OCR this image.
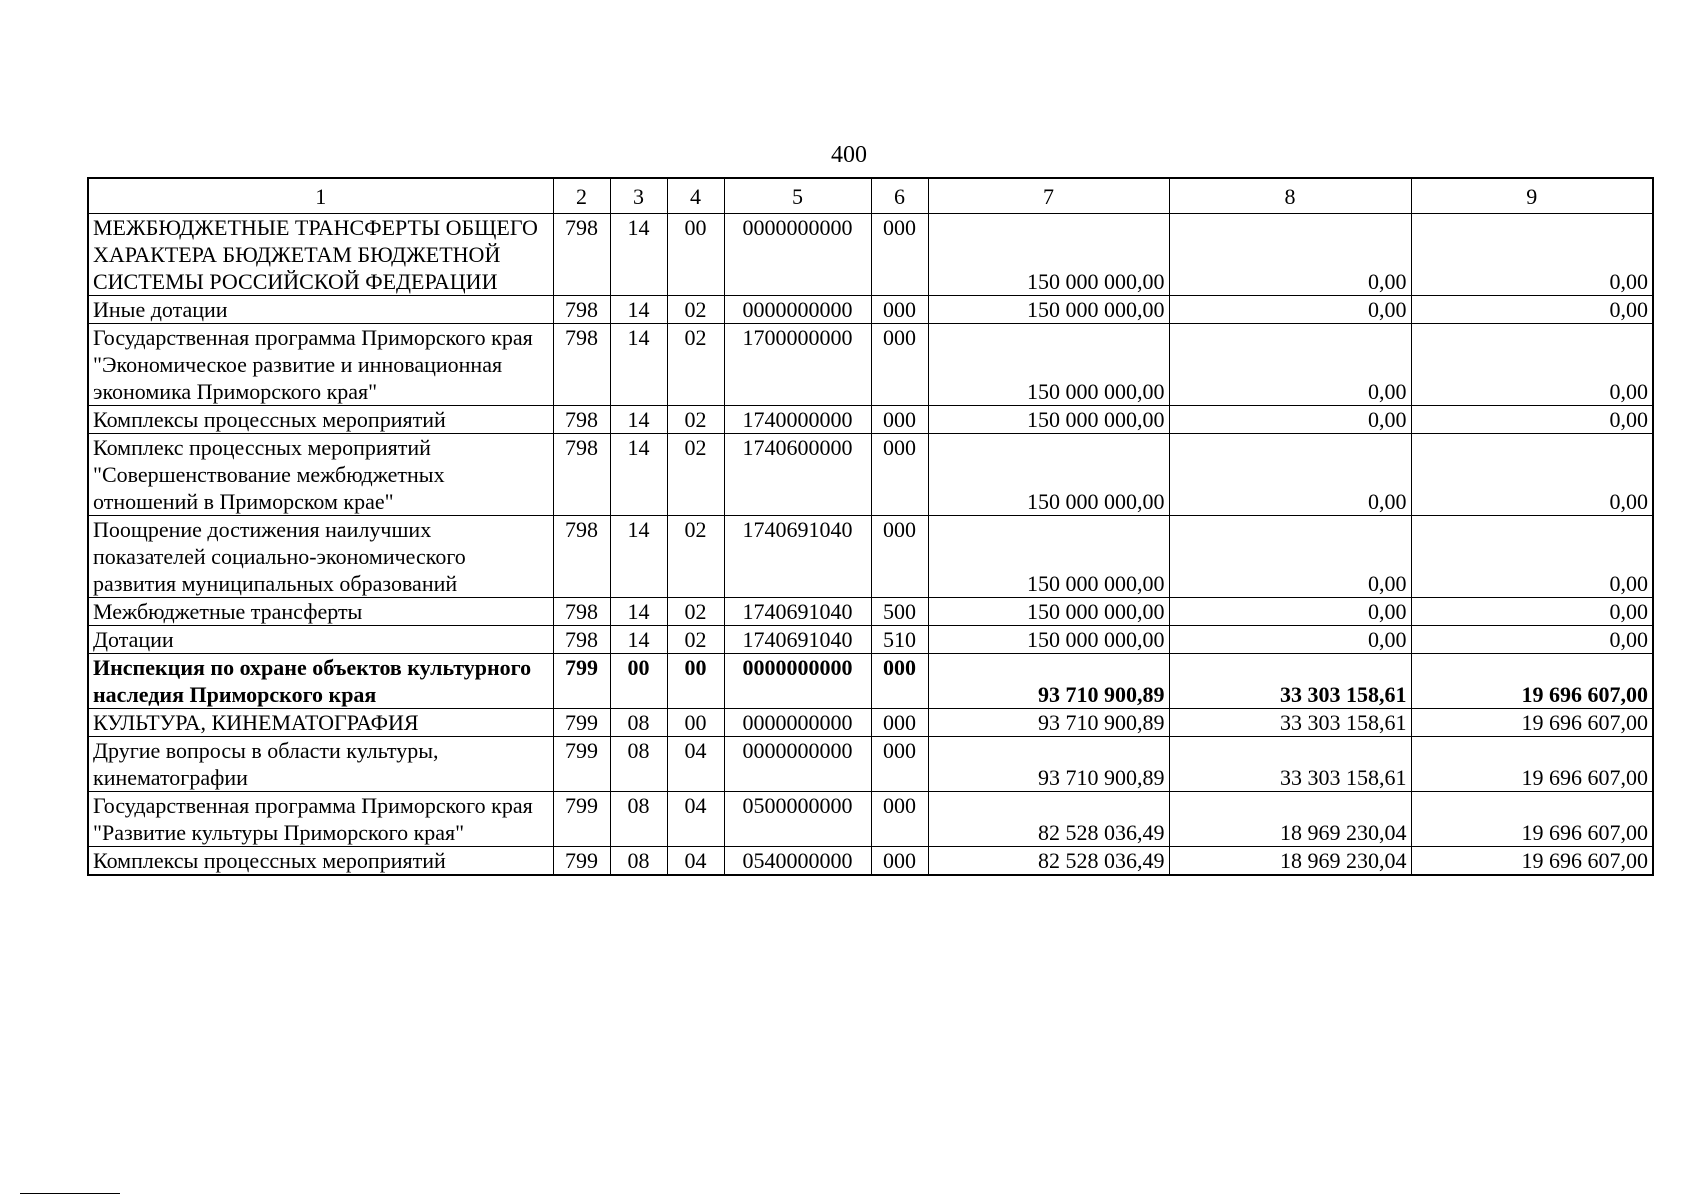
400
1	2	3	4	5	6	7	8	9
МЕЖБЮДЖЕТНЫЕ ТРАНСФЕРТЫ ОБЩЕГО ХАРАКТЕРА БЮДЖЕТАМ БЮДЖЕТНОЙ СИСТЕМЫ РОССИЙСКОЙ ФЕДЕРАЦИИ	798	14	00	0000000000	000	150 000 000,00	0,00	0,00
Иные дотации	798	14	02	0000000000	000	150 000 000,00	0,00	0,00
Государственная программа Приморского края "Экономическое развитие и инновационная экономика Приморского края"	798	14	02	1700000000	000	150 000 000,00	0,00	0,00
Комплексы процессных мероприятий	798	14	02	1740000000	000	150 000 000,00	0,00	0,00
Комплекс процессных мероприятий "Совершенствование межбюджетных отношений в Приморском крае"	798	14	02	1740600000	000	150 000 000,00	0,00	0,00
Поощрение достижения наилучших показателей социально-экономического развития муниципальных образований	798	14	02	1740691040	000	150 000 000,00	0,00	0,00
Межбюджетные трансферты	798	14	02	1740691040	500	150 000 000,00	0,00	0,00
Дотации	798	14	02	1740691040	510	150 000 000,00	0,00	0,00
Инспекция по охране объектов культурного наследия Приморского края	799	00	00	0000000000	000	93 710 900,89	33 303 158,61	19 696 607,00
КУЛЬТУРА, КИНЕМАТОГРАФИЯ	799	08	00	0000000000	000	93 710 900,89	33 303 158,61	19 696 607,00
Другие вопросы в области культуры, кинематографии	799	08	04	0000000000	000	93 710 900,89	33 303 158,61	19 696 607,00
Государственная программа Приморского края "Развитие культуры Приморского края"	799	08	04	0500000000	000	82 528 036,49	18 969 230,04	19 696 607,00
Комплексы процессных мероприятий	799	08	04	0540000000	000	82 528 036,49	18 969 230,04	19 696 607,00
